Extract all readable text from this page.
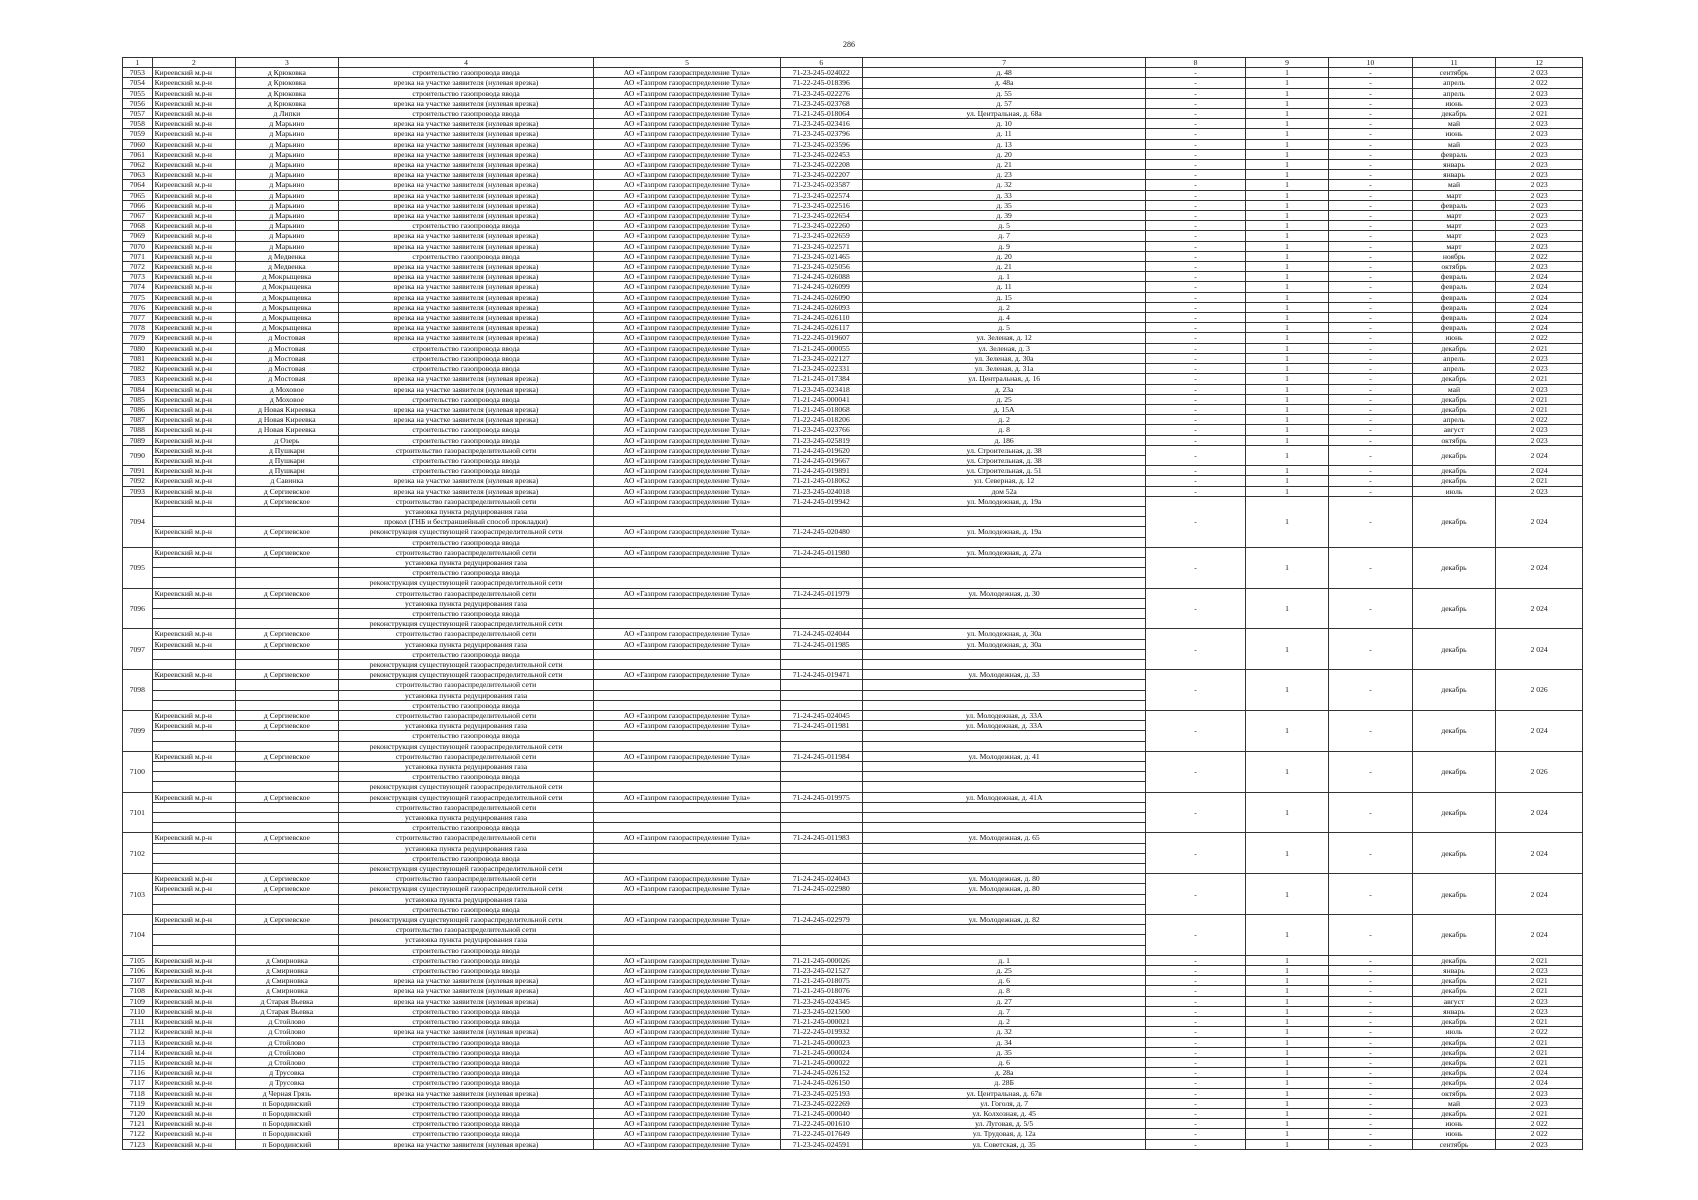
286
1	2	3	4	5	6	7	8	9	10	11	12
7053	Киреевский м.р-н	д Крюковка	строительство газопровода ввода	АО «Газпром газораспределение Тула»	71-23-245-024022	д. 48	-	1	-	сентябрь	2 023
7054	Киреевский м.р-н	д Крюковка	врезка на участке заявителя (нулевая врезка)	АО «Газпром газораспределение Тула»	71-22-245-018396	д. 48а	-	1	-	апрель	2 022
7055	Киреевский м.р-н	д Крюковка	строительство газопровода ввода	АО «Газпром газораспределение Тула»	71-23-245-022276	д. 55	-	1	-	апрель	2 023
7056	Киреевский м.р-н	д Крюковка	врезка на участке заявителя (нулевая врезка)	АО «Газпром газораспределение Тула»	71-23-245-023768	д. 57	-	1	-	июнь	2 023
7057	Киреевский м.р-н	д Липки	строительство газопровода ввода	АО «Газпром газораспределение Тула»	71-21-245-018064	ул. Центральная, д. 68а	-	1	-	декабрь	2 021
7058	Киреевский м.р-н	д Марьино	врезка на участке заявителя (нулевая врезка)	АО «Газпром газораспределение Тула»	71-23-245-023416	д. 10	-	1	-	май	2 023
7059	Киреевский м.р-н	д Марьино	врезка на участке заявителя (нулевая врезка)	АО «Газпром газораспределение Тула»	71-23-245-023796	д. 11	-	1	-	июнь	2 023
7060	Киреевский м.р-н	д Марьино	врезка на участке заявителя (нулевая врезка)	АО «Газпром газораспределение Тула»	71-23-245-023596	д. 13	-	1	-	май	2 023
7061	Киреевский м.р-н	д Марьино	врезка на участке заявителя (нулевая врезка)	АО «Газпром газораспределение Тула»	71-23-245-022453	д. 20	-	1	-	февраль	2 023
7062	Киреевский м.р-н	д Марьино	врезка на участке заявителя (нулевая врезка)	АО «Газпром газораспределение Тула»	71-23-245-022208	д. 21	-	1	-	январь	2 023
7063	Киреевский м.р-н	д Марьино	врезка на участке заявителя (нулевая врезка)	АО «Газпром газораспределение Тула»	71-23-245-022207	д. 23	-	1	-	январь	2 023
7064	Киреевский м.р-н	д Марьино	врезка на участке заявителя (нулевая врезка)	АО «Газпром газораспределение Тула»	71-23-245-023587	д. 32	-	1	-	май	2 023
7065	Киреевский м.р-н	д Марьино	врезка на участке заявителя (нулевая врезка)	АО «Газпром газораспределение Тула»	71-23-245-022574	д. 33	-	1	-	март	2 023
7066	Киреевский м.р-н	д Марьино	врезка на участке заявителя (нулевая врезка)	АО «Газпром газораспределение Тула»	71-23-245-022516	д. 35	-	1	-	февраль	2 023
7067	Киреевский м.р-н	д Марьино	врезка на участке заявителя (нулевая врезка)	АО «Газпром газораспределение Тула»	71-23-245-022654	д. 39	-	1	-	март	2 023
7068	Киреевский м.р-н	д Марьино	строительство газопровода ввода	АО «Газпром газораспределение Тула»	71-23-245-022260	д. 5	-	1	-	март	2 023
7069	Киреевский м.р-н	д Марьино	врезка на участке заявителя (нулевая врезка)	АО «Газпром газораспределение Тула»	71-23-245-022659	д. 7	-	1	-	март	2 023
7070	Киреевский м.р-н	д Марьино	врезка на участке заявителя (нулевая врезка)	АО «Газпром газораспределение Тула»	71-23-245-022571	д. 9	-	1	-	март	2 023
7071	Киреевский м.р-н	д Медвенка	строительство газопровода ввода	АО «Газпром газораспределение Тула»	71-23-245-021465	д. 20	-	1	-	ноябрь	2 022
7072	Киреевский м.р-н	д Медвенка	врезка на участке заявителя (нулевая врезка)	АО «Газпром газораспределение Тула»	71-23-245-025056	д. 21	-	1	-	октябрь	2 023
7073	Киреевский м.р-н	д Мокрыщевка	врезка на участке заявителя (нулевая врезка)	АО «Газпром газораспределение Тула»	71-24-245-026088	д. 1	-	1	-	февраль	2 024
7074	Киреевский м.р-н	д Мокрыщевка	врезка на участке заявителя (нулевая врезка)	АО «Газпром газораспределение Тула»	71-24-245-026099	д. 11	-	1	-	февраль	2 024
7075	Киреевский м.р-н	д Мокрыщевка	врезка на участке заявителя (нулевая врезка)	АО «Газпром газораспределение Тула»	71-24-245-026090	д. 15	-	1	-	февраль	2 024
7076	Киреевский м.р-н	д Мокрыщевка	врезка на участке заявителя (нулевая врезка)	АО «Газпром газораспределение Тула»	71-24-245-026093	д. 2	-	1	-	февраль	2 024
7077	Киреевский м.р-н	д Мокрыщевка	врезка на участке заявителя (нулевая врезка)	АО «Газпром газораспределение Тула»	71-24-245-026110	д. 4	-	1	-	февраль	2 024
7078	Киреевский м.р-н	д Мокрыщевка	врезка на участке заявителя (нулевая врезка)	АО «Газпром газораспределение Тула»	71-24-245-026117	д. 5	-	1	-	февраль	2 024
7079	Киреевский м.р-н	д Мостовая	врезка на участке заявителя (нулевая врезка)	АО «Газпром газораспределение Тула»	71-22-245-019607	ул. Зеленая, д. 12	-	1	-	июнь	2 022
7080	Киреевский м.р-н	д Мостовая	строительство газопровода ввода	АО «Газпром газораспределение Тула»	71-21-245-000055	ул. Зеленая, д. 3	-	1	-	декабрь	2 021
7081	Киреевский м.р-н	д Мостовая	строительство газопровода ввода	АО «Газпром газораспределение Тула»	71-23-245-022127	ул. Зеленая, д. 30а	-	1	-	апрель	2 023
7082	Киреевский м.р-н	д Мостовая	строительство газопровода ввода	АО «Газпром газораспределение Тула»	71-23-245-022331	ул. Зеленая, д. 31а	-	1	-	апрель	2 023
7083	Киреевский м.р-н	д Мостовая	врезка на участке заявителя (нулевая врезка)	АО «Газпром газораспределение Тула»	71-21-245-017384	ул. Центральная, д. 16	-	1	-	декабрь	2 021
7084	Киреевский м.р-н	д Моховое	врезка на участке заявителя (нулевая врезка)	АО «Газпром газораспределение Тула»	71-23-245-023418	д. 23а	-	1	-	май	2 023
7085	Киреевский м.р-н	д Моховое	строительство газопровода ввода	АО «Газпром газораспределение Тула»	71-21-245-000041	д. 25	-	1	-	декабрь	2 021
7086	Киреевский м.р-н	д Новая Киреевка	врезка на участке заявителя (нулевая врезка)	АО «Газпром газораспределение Тула»	71-21-245-018068	д. 15А	-	1	-	декабрь	2 021
7087	Киреевский м.р-н	д Новая Киреевка	врезка на участке заявителя (нулевая врезка)	АО «Газпром газораспределение Тула»	71-22-245-018206	д. 2	-	1	-	апрель	2 022
7088	Киреевский м.р-н	д Новая Киреевка	строительство газопровода ввода	АО «Газпром газораспределение Тула»	71-23-245-023766	д. 8	-	1	-	август	2 023
7089	Киреевский м.р-н	д Озерь	строительство газопровода ввода	АО «Газпром газораспределение Тула»	71-23-245-025819	д. 186	-	1	-	октябрь	2 023
7090	Киреевский м.р-н	д Пушкари	строительство газораспределительной сети	АО «Газпром газораспределение Тула»	71-24-245-019620	ул. Строительная, д. 38	-	1	-	декабрь	2 024
	Киреевский м.р-н	д Пушкари	строительство газопровода ввода	АО «Газпром газораспределение Тула»	71-24-245-019667	ул. Строительная, д. 38					
7091	Киреевский м.р-н	д Пушкари	строительство газопровода ввода	АО «Газпром газораспределение Тула»	71-24-245-019891	ул. Строительная, д. 51	-	1	-	декабрь	2 024
7092	Киреевский м.р-н	д Савинка	врезка на участке заявителя (нулевая врезка)	АО «Газпром газораспределение Тула»	71-21-245-018062	ул. Северная, д. 12	-	1	-	декабрь	2 021
7093	Киреевский м.р-н	д Сергиевское	врезка на участке заявителя (нулевая врезка)	АО «Газпром газораспределение Тула»	71-23-245-024018	дом 52а	-	1	-	июль	2 023
7094	Киреевский м.р-н	д Сергиевское	строительство газораспределительной сети	АО «Газпром газораспределение Тула»	71-24-245-019942	ул. Молодежная, д. 19а	-	1	-	декабрь	2 024
			установка пункта редуцирования газа								
			прокол (ГНБ и бестраншейный способ прокладки)								
	Киреевский м.р-н	д Сергиевское	реконструкция существующей газораспределительной сети	АО «Газпром газораспределение Тула»	71-24-245-020480	ул. Молодежная, д. 19а					
			строительство газопровода ввода								
7095	Киреевский м.р-н	д Сергиевское	строительство газораспределительной сети	АО «Газпром газораспределение Тула»	71-24-245-011980	ул. Молодежная, д. 27а	-	1	-	декабрь	2 024
			установка пункта редуцирования газа								
			строительство газопровода ввода								
			реконструкция существующей газораспределительной сети								
7096	Киреевский м.р-н	д Сергиевское	строительство газораспределительной сети	АО «Газпром газораспределение Тула»	71-24-245-011979	ул. Молодежная, д. 30	-	1	-	декабрь	2 024
			установка пункта редуцирования газа								
			строительство газопровода ввода								
			реконструкция существующей газораспределительной сети								
7097	Киреевский м.р-н	д Сергиевское	строительство газораспределительной сети	АО «Газпром газораспределение Тула»	71-24-245-024044	ул. Молодежная, д. 30а	-	1	-	декабрь	2 024
	Киреевский м.р-н	д Сергиевское	установка пункта редуцирования газа	АО «Газпром газораспределение Тула»	71-24-245-011985	ул. Молодежная, д. 30а					
			строительство газопровода ввода								
			реконструкция существующей газораспределительной сети								
7098	Киреевский м.р-н	д Сергиевское	реконструкция существующей газораспределительной сети	АО «Газпром газораспределение Тула»	71-24-245-019471	ул. Молодежная, д. 33	-	1	-	декабрь	2 026
			строительство газораспределительной сети								
			установка пункта редуцирования газа								
			строительство газопровода ввода								
7099	Киреевский м.р-н	д Сергиевское	строительство газораспределительной сети	АО «Газпром газораспределение Тула»	71-24-245-024045	ул. Молодежная, д. 33А	-	1	-	декабрь	2 024
	Киреевский м.р-н	д Сергиевское	установка пункта редуцирования газа	АО «Газпром газораспределение Тула»	71-24-245-011981	ул. Молодежная, д. 33А					
			строительство газопровода ввода								
			реконструкция существующей газораспределительной сети								
7100	Киреевский м.р-н	д Сергиевское	строительство газораспределительной сети	АО «Газпром газораспределение Тула»	71-24-245-011984	ул. Молодежная, д. 41	-	1	-	декабрь	2 026
			установка пункта редуцирования газа								
			строительство газопровода ввода								
			реконструкция существующей газораспределительной сети								
7101	Киреевский м.р-н	д Сергиевское	реконструкция существующей газораспределительной сети	АО «Газпром газораспределение Тула»	71-24-245-019975	ул. Молодежная, д. 41А	-	1	-	декабрь	2 024
			строительство газораспределительной сети								
			установка пункта редуцирования газа								
			строительство газопровода ввода								
7102	Киреевский м.р-н	д Сергиевское	строительство газораспределительной сети	АО «Газпром газораспределение Тула»	71-24-245-011983	ул. Молодежная, д. 65	-	1	-	декабрь	2 024
			установка пункта редуцирования газа								
			строительство газопровода ввода								
			реконструкция существующей газораспределительной сети								
7103	Киреевский м.р-н	д Сергиевское	строительство газораспределительной сети	АО «Газпром газораспределение Тула»	71-24-245-024043	ул. Молодежная, д. 80	-	1	-	декабрь	2 024
	Киреевский м.р-н	д Сергиевское	реконструкция существующей газораспределительной сети	АО «Газпром газораспределение Тула»	71-24-245-022980	ул. Молодежная, д. 80					
			установка пункта редуцирования газа								
			строительство газопровода ввода								
7104	Киреевский м.р-н	д Сергиевское	реконструкция существующей газораспределительной сети	АО «Газпром газораспределение Тула»	71-24-245-022979	ул. Молодежная, д. 82	-	1	-	декабрь	2 024
			строительство газораспределительной сети								
			установка пункта редуцирования газа								
			строительство газопровода ввода								
7105	Киреевский м.р-н	д Смирновка	строительство газопровода ввода	АО «Газпром газораспределение Тула»	71-21-245-000026	д. 1	-	1	-	декабрь	2 021
7106	Киреевский м.р-н	д Смирновка	строительство газопровода ввода	АО «Газпром газораспределение Тула»	71-23-245-021527	д. 25	-	1	-	январь	2 023
7107	Киреевский м.р-н	д Смирновка	врезка на участке заявителя (нулевая врезка)	АО «Газпром газораспределение Тула»	71-21-245-018075	д. 6	-	1	-	декабрь	2 021
7108	Киреевский м.р-н	д Смирновка	врезка на участке заявителя (нулевая врезка)	АО «Газпром газораспределение Тула»	71-21-245-018076	д. 8	-	1	-	декабрь	2 021
7109	Киреевский м.р-н	д Старая Вьевка	врезка на участке заявителя (нулевая врезка)	АО «Газпром газораспределение Тула»	71-23-245-024345	д. 27	-	1	-	август	2 023
7110	Киреевский м.р-н	д Старая Вьевка	строительство газопровода ввода	АО «Газпром газораспределение Тула»	71-23-245-021500	д. 7	-	1	-	январь	2 023
7111	Киреевский м.р-н	д Стойлово	строительство газопровода ввода	АО «Газпром газораспределение Тула»	71-21-245-000021	д. 2	-	1	-	декабрь	2 021
7112	Киреевский м.р-н	д Стойлово	врезка на участке заявителя (нулевая врезка)	АО «Газпром газораспределение Тула»	71-22-245-019932	д. 32	-	1	-	июль	2 022
7113	Киреевский м.р-н	д Стойлово	строительство газопровода ввода	АО «Газпром газораспределение Тула»	71-21-245-000023	д. 34	-	1	-	декабрь	2 021
7114	Киреевский м.р-н	д Стойлово	строительство газопровода ввода	АО «Газпром газораспределение Тула»	71-21-245-000024	д. 35	-	1	-	декабрь	2 021
7115	Киреевский м.р-н	д Стойлово	строительство газопровода ввода	АО «Газпром газораспределение Тула»	71-21-245-000022	д. 6	-	1	-	декабрь	2 021
7116	Киреевский м.р-н	д Трусовка	строительство газопровода ввода	АО «Газпром газораспределение Тула»	71-24-245-026152	д. 28а	-	1	-	декабрь	2 024
7117	Киреевский м.р-н	д Трусовка	строительство газопровода ввода	АО «Газпром газораспределение Тула»	71-24-245-026150	д. 28Б	-	1	-	декабрь	2 024
7118	Киреевский м.р-н	д Черная Грязь	врезка на участке заявителя (нулевая врезка)	АО «Газпром газораспределение Тула»	71-23-245-025193	ул. Центральная, д. 67в	-	1	-	октябрь	2 023
7119	Киреевский м.р-н	п Бородинский	строительство газопровода ввода	АО «Газпром газораспределение Тула»	71-23-245-022269	ул. Гоголя, д. 7	-	1	-	май	2 023
7120	Киреевский м.р-н	п Бородинский	строительство газопровода ввода	АО «Газпром газораспределение Тула»	71-21-245-000040	ул. Колхозная, д. 45	-	1	-	декабрь	2 021
7121	Киреевский м.р-н	п Бородинский	строительство газопровода ввода	АО «Газпром газораспределение Тула»	71-22-245-001610	ул. Луговая, д. 5/5	-	1	-	июнь	2 022
7122	Киреевский м.р-н	п Бородинский	строительство газопровода ввода	АО «Газпром газораспределение Тула»	71-22-245-017649	ул. Трудовая, д. 12а	-	1	-	июнь	2 022
7123	Киреевский м.р-н	п Бородинский	врезка на участке заявителя (нулевая врезка)	АО «Газпром газораспределение Тула»	71-23-245-024591	ул. Советская, д. 35	-	1	-	сентябрь	2 023
